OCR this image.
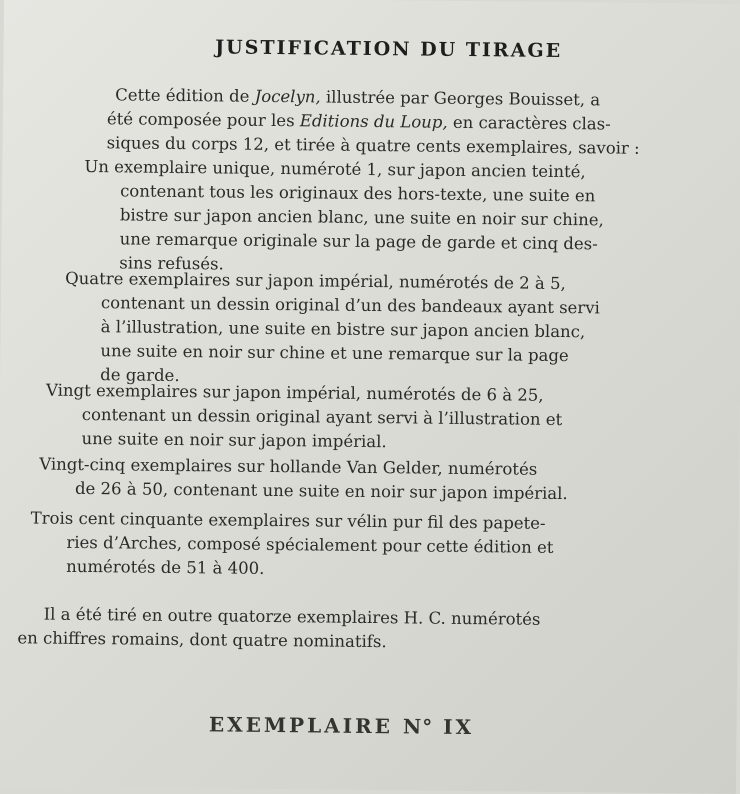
JUSTIFICATION DU TIRAGE
Cette édition de Jocelyn, illustrée par Georges Bouisset, a
été composée pour les Editions du Loup, en caractères clas-
siques du corps 12, et tirée à quatre cents exemplaires, savoir :
Un exemplaire unique, numéroté 1, sur japon ancien teinté,
contenant tous les originaux des hors-texte, une suite en
bistre sur japon ancien blanc, une suite en noir sur chine,
une remarque originale sur la page de garde et cinq des-
sins refusés.
Quatre exemplaires sur japon impérial, numérotés de 2 à 5,
contenant un dessin original d’un des bandeaux ayant servi
à l’illustration, une suite en bistre sur japon ancien blanc,
une suite en noir sur chine et une remarque sur la page
de garde.
Vingt exemplaires sur japon impérial, numérotés de 6 à 25,
contenant un dessin original ayant servi à l’illustration et
une suite en noir sur japon impérial.
Vingt-cinq exemplaires sur hollande Van Gelder, numérotés
de 26 à 50, contenant une suite en noir sur japon impérial.
Trois cent cinquante exemplaires sur vélin pur fil des papete-
ries d’Arches, composé spécialement pour cette édition et
numérotés de 51 à 400.
Il a été tiré en outre quatorze exemplaires H. C. numérotés
en chiffres romains, dont quatre nominatifs.
EXEMPLAIRE N° IX
